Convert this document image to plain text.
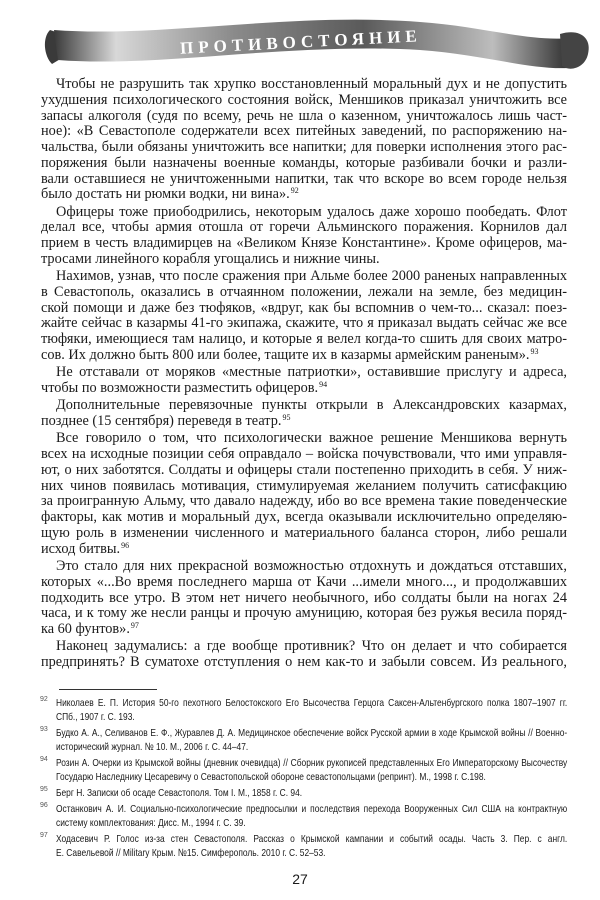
ПРОТИВОСТОЯНИЕ
Чтобы не разрушить так хрупко восстановленный моральный дух и не допустить
ухудшения психологического состояния войск, Меншиков приказал уничтожить все
запасы алкоголя (судя по всему, речь не шла о казенном, уничтожалось лишь част-
ное): «В Севастополе содержатели всех питейных заведений, по распоряжению на-
чальства, были обязаны уничтожить все напитки; для поверки исполнения этого рас-
поряжения были назначены военные команды, которые разбивали бочки и разли-
вали оставшиеся не уничтоженными напитки, так что вскоре во всем городе нельзя
было достать ни рюмки водки, ни вина».$^{92}$
Офицеры тоже приободрились, некоторым удалось даже хорошо пообедать. Флот
делал все, чтобы армия отошла от горечи Альминского поражения. Корнилов дал
прием в честь владимирцев на «Великом Князе Константине». Кроме офицеров, ма-
тросами линейного корабля угощались и нижние чины.
Нахимов, узнав, что после сражения при Альме более 2000 раненых направленных
в Севастополь, оказались в отчаянном положении, лежали на земле, без медицин-
ской помощи и даже без тюфяков, «вдруг, как бы вспомнив о чем-то... сказал: поез-
жайте сейчас в казармы 41-го экипажа, скажите, что я приказал выдать сейчас же все
тюфяки, имеющиеся там налицо, и которые я велел когда-то сшить для своих матро-
сов. Их должно быть 800 или более, тащите их в казармы армейским раненым».$^{93}$
Не отставали от моряков «местные патриотки», оставившие прислугу и адреса,
чтобы по возможности разместить офицеров.$^{94}$
Дополнительные перевязочные пункты открыли в Александровских казармах,
позднее (15 сентября) переведя в театр.$^{95}$
Все говорило о том, что психологически важное решение Меншикова вернуть
всех на исходные позиции себя оправдало – войска почувствовали, что ими управля-
ют, о них заботятся. Солдаты и офицеры стали постепенно приходить в себя. У ниж-
них чинов появилась мотивация, стимулируемая желанием получить сатисфакцию
за проигранную Альму, что давало надежду, ибо во все времена такие поведенческие
факторы, как мотив и моральный дух, всегда оказывали исключительно определяю-
щую роль в изменении численного и материального баланса сторон, либо решали
исход битвы.$^{96}$
Это стало для них прекрасной возможностью отдохнуть и дождаться отставших,
которых «...Во время последнего марша от Качи ...имели много..., и продолжавших
подходить все утро. В этом нет ничего необычного, ибо солдаты были на ногах 24
часа, и к тому же несли ранцы и прочую амуницию, которая без ружья весила поряд-
ка 60 фунтов».$^{97}$
Наконец задумались: а где вообще противник? Что он делает и что собирается
предпринять? В суматохе отступления о нем как-то и забыли совсем. Из реального,
92 Николаев Е. П. История 50-го пехотного Белостокского Его Высочества Герцога Саксен-Альтенбургского полка 1807–1907 гг.
СПб., 1907 г. С. 193.
93 Будко А. А., Селиванов Е. Ф., Журавлев Д. А. Медицинское обеспечение войск Русской армии в ходе Крымской войны // Военно-
исторический журнал. № 10. М., 2006 г. С. 44–47.
94 Розин А. Очерки из Крымской войны (дневник очевидца) // Сборник рукописей представленных Его Императорскому Высочеству
Государю Наследнику Цесаревичу о Севастопольской обороне севастопольцами (репринт). М., 1998 г. С.198.
95 Берг Н. Записки об осаде Севастополя. Том I. М., 1858 г. С. 94.
96 Останкович А. И. Социально-психологические предпосылки и последствия перехода Вооруженных Сил США на контрактную
систему комплектования: Дисс. М., 1994 г. С. 39.
97 Ходасевич Р. Голос из-за стен Севастополя. Рассказ о Крымской кампании и событий осады. Часть 3. Пер. с англ.
Е. Савельевой // Military Крым. №15. Симферополь. 2010 г. С. 52–53.
27
